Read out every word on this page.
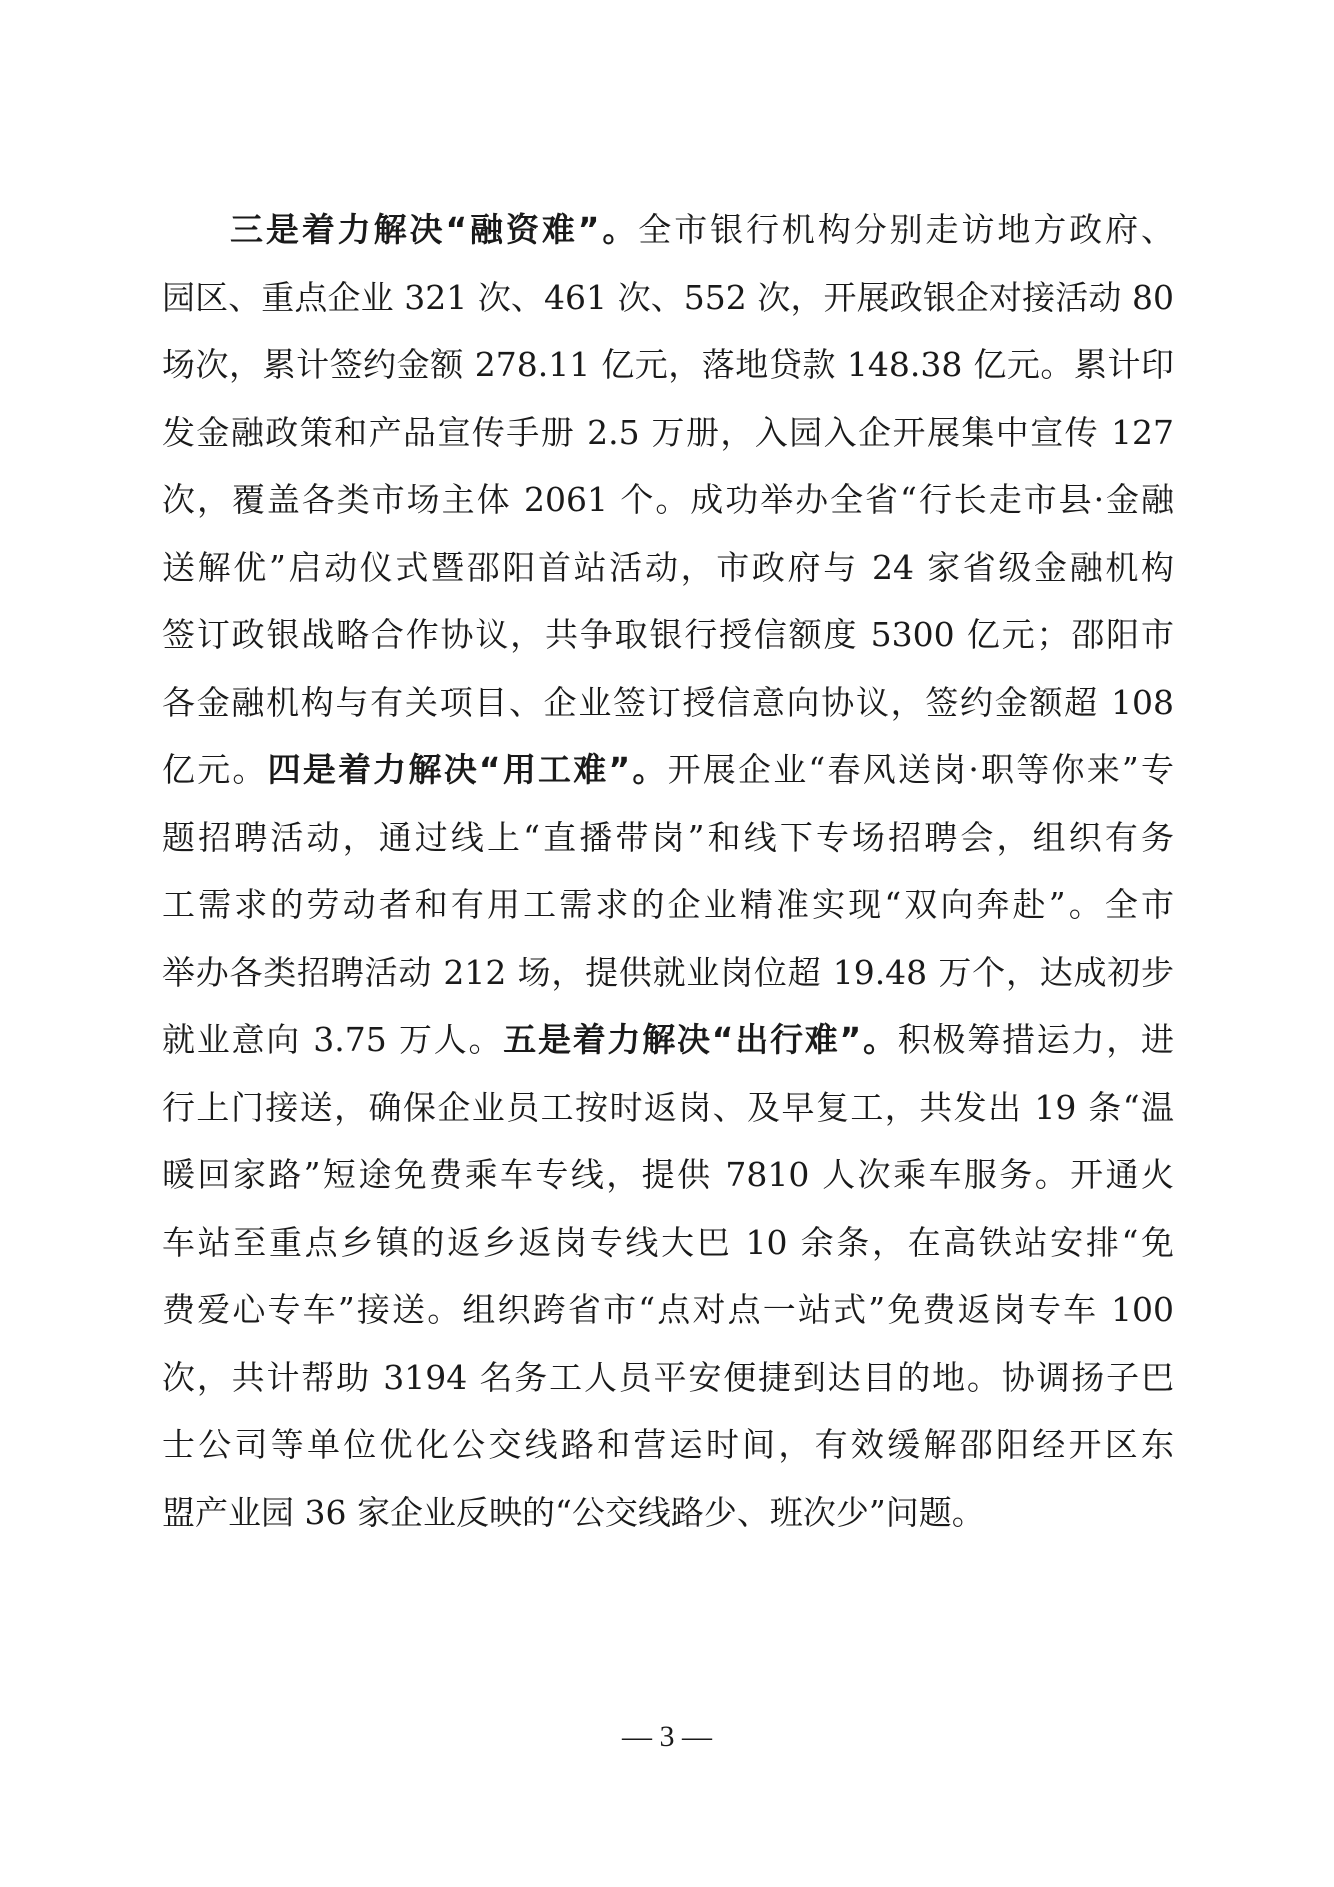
三是着力解决“融资难”。全市银行机构分别走访地方政府、
园区、重点企业 321 次、461 次、552 次，开展政银企对接活动 80
场次，累计签约金额 278.11 亿元，落地贷款 148.38 亿元。累计印
发金融政策和产品宣传手册 2.5 万册，入园入企开展集中宣传 127
次，覆盖各类市场主体 2061 个。成功举办全省“行长走市县·金融
送解优”启动仪式暨邵阳首站活动，市政府与 24 家省级金融机构
签订政银战略合作协议，共争取银行授信额度 5300 亿元；邵阳市
各金融机构与有关项目、企业签订授信意向协议，签约金额超 108
亿元。四是着力解决“用工难”。开展企业“春风送岗·职等你来”专
题招聘活动，通过线上“直播带岗”和线下专场招聘会，组织有务
工需求的劳动者和有用工需求的企业精准实现“双向奔赴”。全市
举办各类招聘活动 212 场，提供就业岗位超 19.48 万个，达成初步
就业意向 3.75 万人。五是着力解决“出行难”。积极筹措运力，进
行上门接送，确保企业员工按时返岗、及早复工，共发出 19 条“温
暖回家路”短途免费乘车专线，提供 7810 人次乘车服务。开通火
车站至重点乡镇的返乡返岗专线大巴 10 余条，在高铁站安排“免
费爱心专车”接送。组织跨省市“点对点一站式”免费返岗专车 100
次，共计帮助 3194 名务工人员平安便捷到达目的地。协调扬子巴
士公司等单位优化公交线路和营运时间，有效缓解邵阳经开区东
盟产业园 36 家企业反映的“公交线路少、班次少”问题。
— 3 —
